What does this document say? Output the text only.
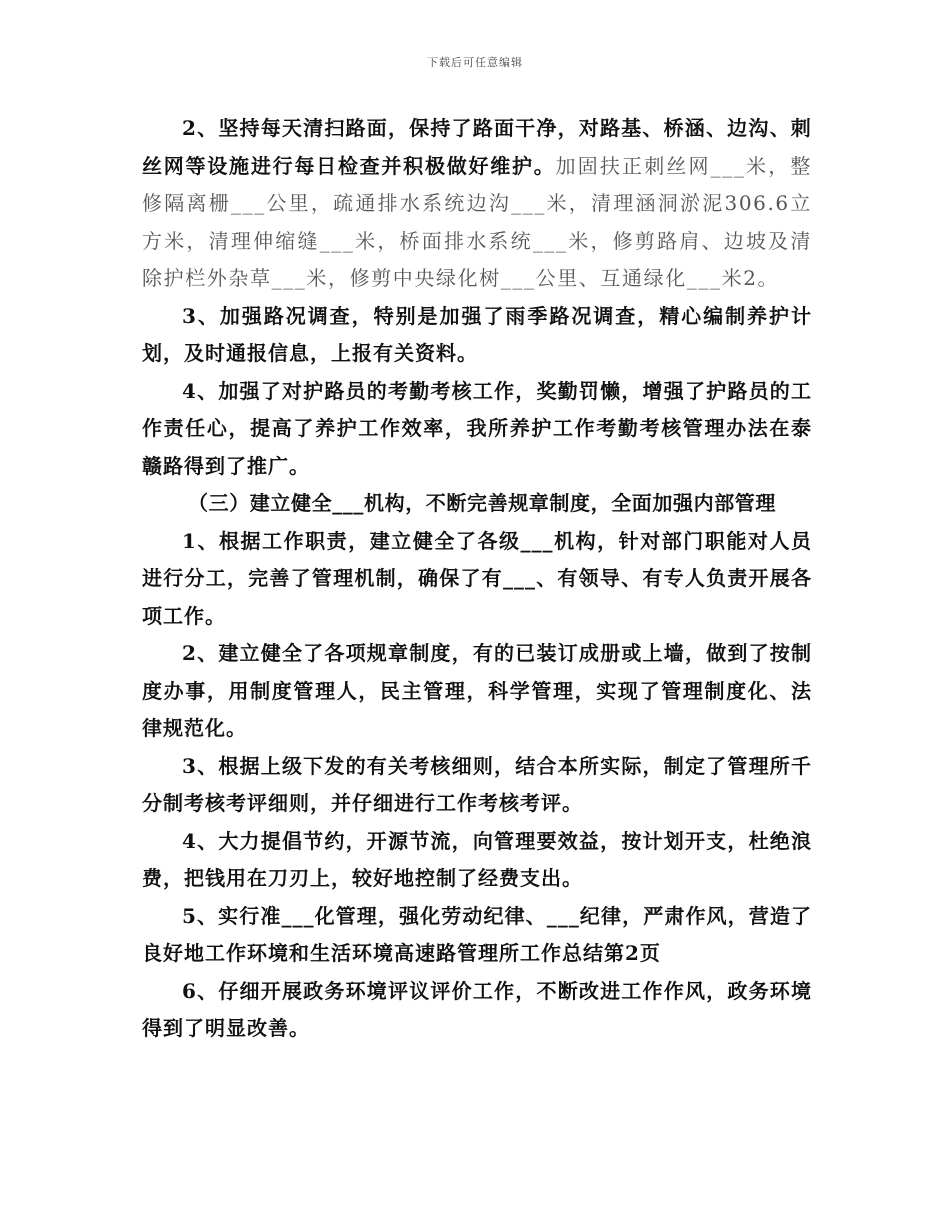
下载后可任意编辑

2、坚持每天清扫路面，保持了路面干净，对路基、桥涵、边沟、刺丝网等设施进行每日检查并积极做好维护。加固扶正刺丝网___米，整修隔离栅___公里，疏通排水系统边沟___米，清理涵洞淤泥306.6立方米，清理伸缩缝___米，桥面排水系统___米，修剪路肩、边坡及清除护栏外杂草___米，修剪中央绿化树___公里、互通绿化___米2。

3、加强路况调查，特别是加强了雨季路况调查，精心编制养护计划，及时通报信息，上报有关资料。

4、加强了对护路员的考勤考核工作，奖勤罚懒，增强了护路员的工作责任心，提高了养护工作效率，我所养护工作考勤考核管理办法在泰赣路得到了推广。

（三）建立健全___机构，不断完善规章制度，全面加强内部管理

1、根据工作职责，建立健全了各级___机构，针对部门职能对人员进行分工，完善了管理机制，确保了有___、有领导、有专人负责开展各项工作。

2、建立健全了各项规章制度，有的已装订成册或上墙，做到了按制度办事，用制度管理人，民主管理，科学管理，实现了管理制度化、法律规范化。

3、根据上级下发的有关考核细则，结合本所实际，制定了管理所千分制考核考评细则，并仔细进行工作考核考评。

4、大力提倡节约，开源节流，向管理要效益，按计划开支，杜绝浪费，把钱用在刀刃上，较好地控制了经费支出。

5、实行准___化管理，强化劳动纪律、___纪律，严肃作风，营造了良好地工作环境和生活环境高速路管理所工作总结第2页

6、仔细开展政务环境评议评价工作，不断改进工作作风，政务环境得到了明显改善。
